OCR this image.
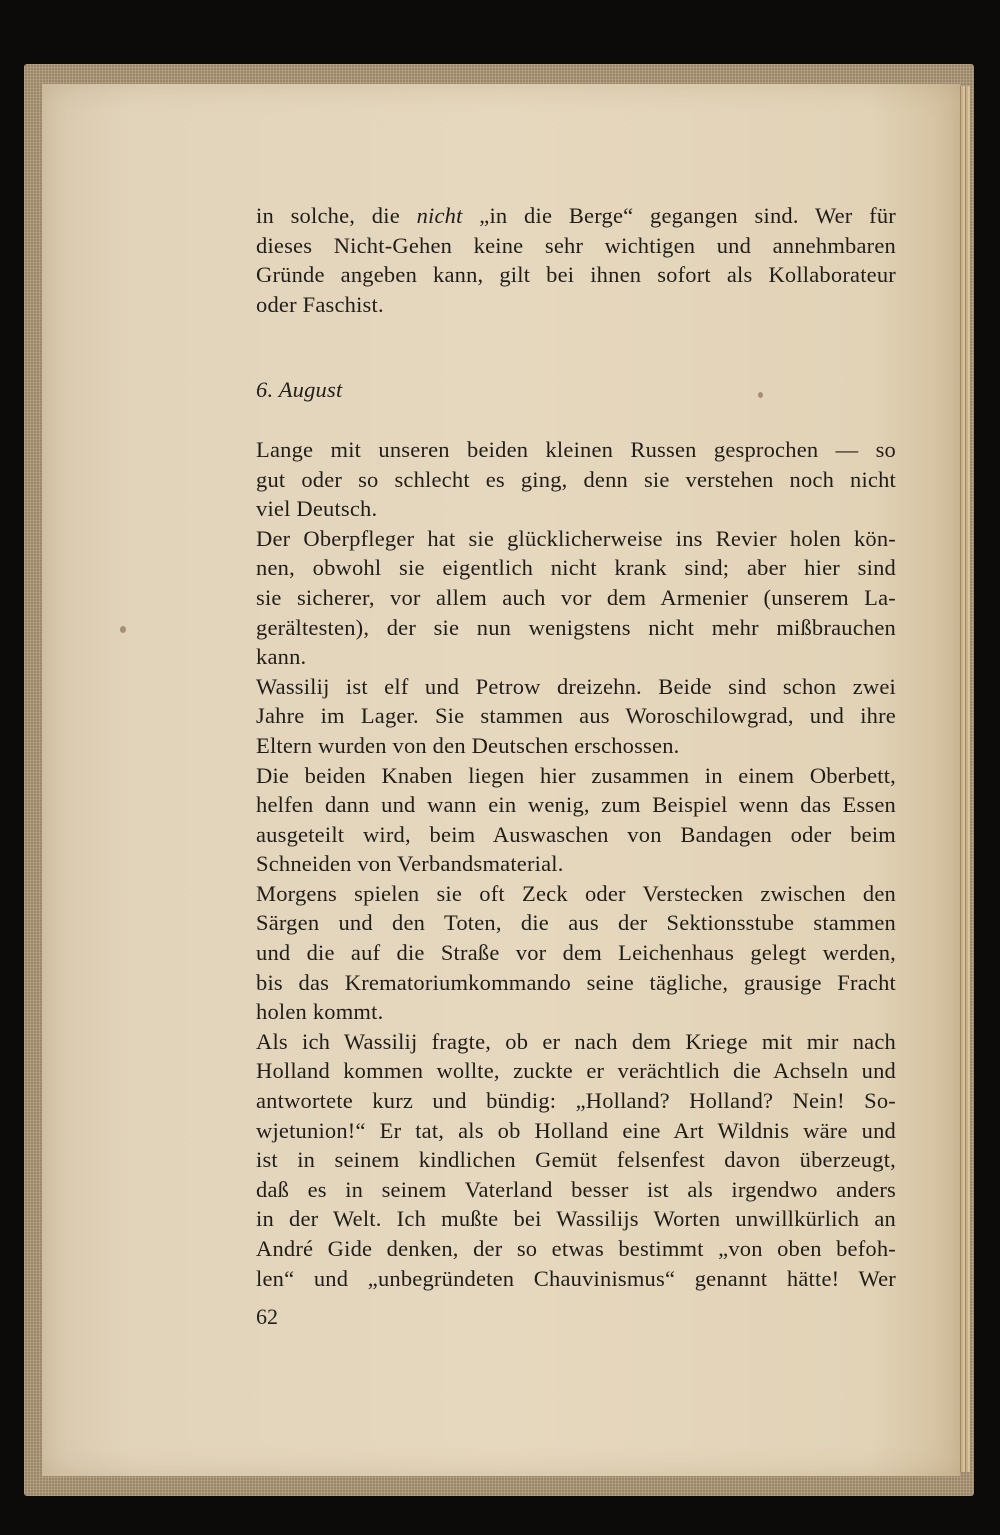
in solche, die nicht „in die Berge“ gegangen sind. Wer für

dieses Nicht-Gehen keine sehr wichtigen und annehmbaren

Gründe angeben kann, gilt bei ihnen sofort als Kollaborateur

oder Faschist.

6. August

Lange mit unseren beiden kleinen Russen gesprochen — so

gut oder so schlecht es ging, denn sie verstehen noch nicht

viel Deutsch.

Der Oberpfleger hat sie glücklicherweise ins Revier holen kön-

nen, obwohl sie eigentlich nicht krank sind; aber hier sind

sie sicherer, vor allem auch vor dem Armenier (unserem La-

gerältesten), der sie nun wenigstens nicht mehr mißbrauchen

kann.

Wassilij ist elf und Petrow dreizehn. Beide sind schon zwei

Jahre im Lager. Sie stammen aus Woroschilowgrad, und ihre

Eltern wurden von den Deutschen erschossen.

Die beiden Knaben liegen hier zusammen in einem Oberbett,

helfen dann und wann ein wenig, zum Beispiel wenn das Essen

ausgeteilt wird, beim Auswaschen von Bandagen oder beim

Schneiden von Verbandsmaterial.

Morgens spielen sie oft Zeck oder Verstecken zwischen den

Särgen und den Toten, die aus der Sektionsstube stammen

und die auf die Straße vor dem Leichenhaus gelegt werden,

bis das Krematoriumkommando seine tägliche, grausige Fracht

holen kommt.

Als ich Wassilij fragte, ob er nach dem Kriege mit mir nach

Holland kommen wollte, zuckte er verächtlich die Achseln und

antwortete kurz und bündig: „Holland? Holland? Nein! So-

wjetunion!“ Er tat, als ob Holland eine Art Wildnis wäre und

ist in seinem kindlichen Gemüt felsenfest davon überzeugt,

daß es in seinem Vaterland besser ist als irgendwo anders

in der Welt. Ich mußte bei Wassilijs Worten unwillkürlich an

André Gide denken, der so etwas bestimmt „von oben befoh-

len“ und „unbegründeten Chauvinismus“ genannt hätte! Wer

62
